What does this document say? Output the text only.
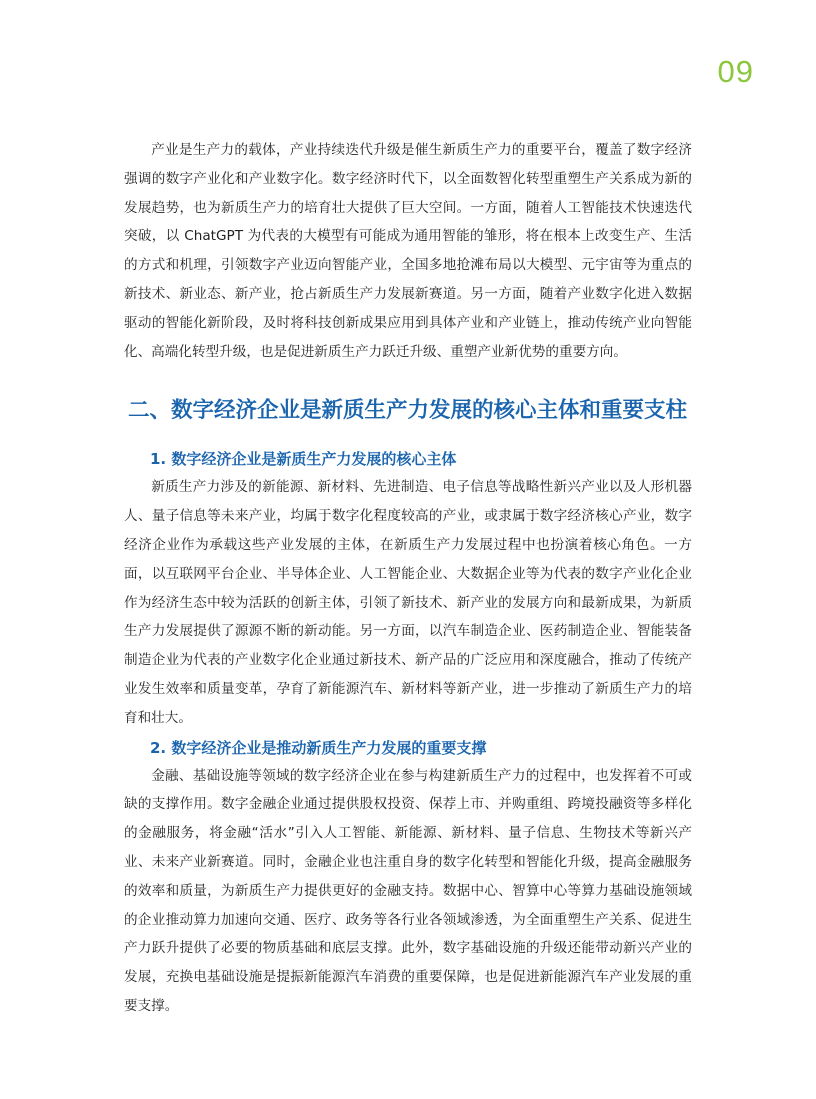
09

产业是生产力的载体，产业持续迭代升级是催生新质生产力的重要平台，覆盖了数字经济强调的数字产业化和产业数字化。数字经济时代下，以全面数智化转型重塑生产关系成为新的发展趋势，也为新质生产力的培育壮大提供了巨大空间。一方面，随着人工智能技术快速迭代突破，以 ChatGPT 为代表的大模型有可能成为通用智能的雏形，将在根本上改变生产、生活的方式和机理，引领数字产业迈向智能产业，全国多地抢滩布局以大模型、元宇宙等为重点的新技术、新业态、新产业，抢占新质生产力发展新赛道。另一方面，随着产业数字化进入数据驱动的智能化新阶段，及时将科技创新成果应用到具体产业和产业链上，推动传统产业向智能化、高端化转型升级，也是促进新质生产力跃迁升级、重塑产业新优势的重要方向。

二、数字经济企业是新质生产力发展的核心主体和重要支柱
1. 数字经济企业是新质生产力发展的核心主体

新质生产力涉及的新能源、新材料、先进制造、电子信息等战略性新兴产业以及人形机器人、量子信息等未来产业，均属于数字化程度较高的产业，或隶属于数字经济核心产业，数字经济企业作为承载这些产业发展的主体，在新质生产力发展过程中也扮演着核心角色。一方面，以互联网平台企业、半导体企业、人工智能企业、大数据企业等为代表的数字产业化企业作为经济生态中较为活跃的创新主体，引领了新技术、新产业的发展方向和最新成果，为新质生产力发展提供了源源不断的新动能。另一方面，以汽车制造企业、医药制造企业、智能装备制造企业为代表的产业数字化企业通过新技术、新产品的广泛应用和深度融合，推动了传统产业发生效率和质量变革，孕育了新能源汽车、新材料等新产业，进一步推动了新质生产力的培育和壮大。

2. 数字经济企业是推动新质生产力发展的重要支撑

金融、基础设施等领域的数字经济企业在参与构建新质生产力的过程中，也发挥着不可或缺的支撑作用。数字金融企业通过提供股权投资、保荐上市、并购重组、跨境投融资等多样化的金融服务，将金融“活水”引入人工智能、新能源、新材料、量子信息、生物技术等新兴产业、未来产业新赛道。同时，金融企业也注重自身的数字化转型和智能化升级，提高金融服务的效率和质量，为新质生产力提供更好的金融支持。数据中心、智算中心等算力基础设施领域的企业推动算力加速向交通、医疗、政务等各行业各领域渗透，为全面重塑生产关系、促进生产力跃升提供了必要的物质基础和底层支撑。此外，数字基础设施的升级还能带动新兴产业的发展，充换电基础设施是提振新能源汽车消费的重要保障，也是促进新能源汽车产业发展的重要支撑。
